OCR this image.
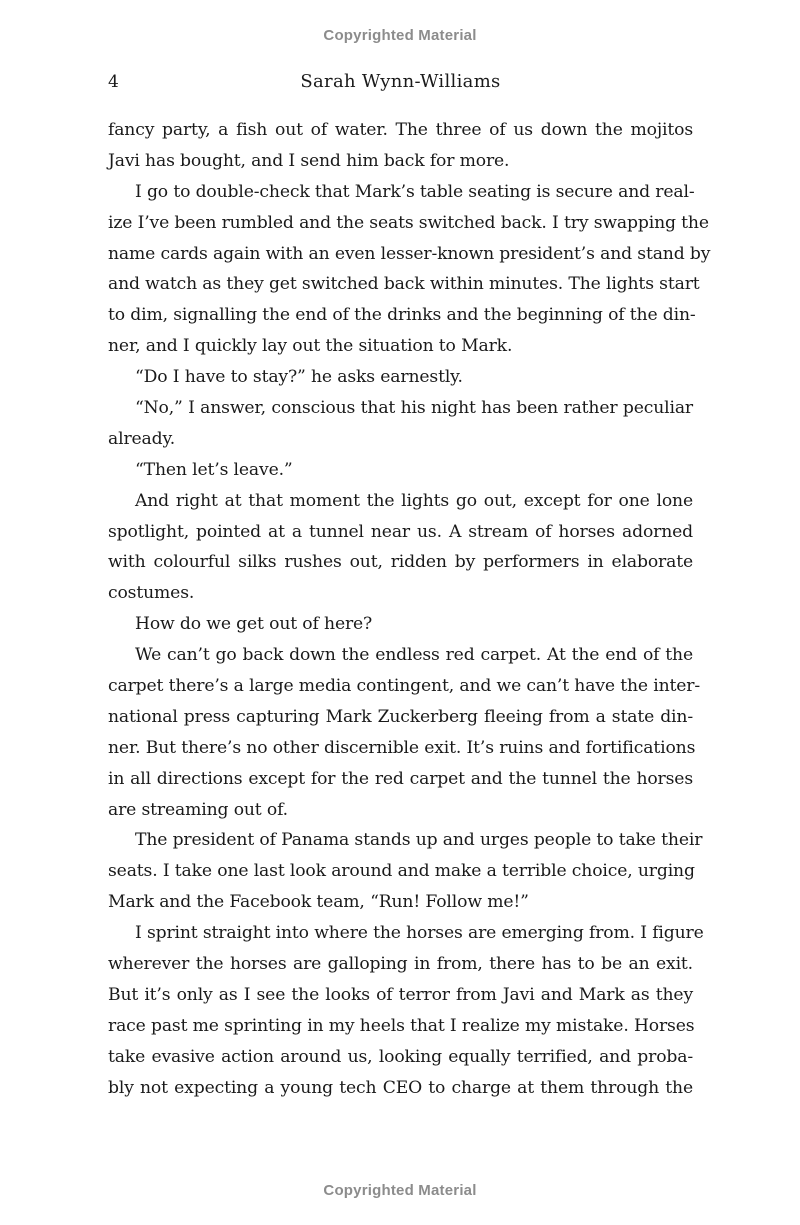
Copyrighted Material
4	Sarah Wynn-Williams
fancy party, a fish out of water. The three of us down the mojitos
Javi has bought, and I send him back for more.
I go to double-check that Mark’s table seating is secure and real-
ize I’ve been rumbled and the seats switched back. I try swapping the
name cards again with an even lesser-known president’s and stand by
and watch as they get switched back within minutes. The lights start
to dim, signalling the end of the drinks and the beginning of the din-
ner, and I quickly lay out the situation to Mark.
“Do I have to stay?” he asks earnestly.
“No,” I answer, conscious that his night has been rather peculiar
already.
“Then let’s leave.”
And right at that moment the lights go out, except for one lone
spotlight, pointed at a tunnel near us. A stream of horses adorned
with colourful silks rushes out, ridden by performers in elaborate
costumes.
How do we get out of here?
We can’t go back down the endless red carpet. At the end of the
carpet there’s a large media contingent, and we can’t have the inter-
national press capturing Mark Zuckerberg fleeing from a state din-
ner. But there’s no other discernible exit. It’s ruins and fortifications
in all directions except for the red carpet and the tunnel the horses
are streaming out of.
The president of Panama stands up and urges people to take their
seats. I take one last look around and make a terrible choice, urging
Mark and the Facebook team, “Run! Follow me!”
I sprint straight into where the horses are emerging from. I figure
wherever the horses are galloping in from, there has to be an exit.
But it’s only as I see the looks of terror from Javi and Mark as they
race past me sprinting in my heels that I realize my mistake. Horses
take evasive action around us, looking equally terrified, and proba-
bly not expecting a young tech CEO to charge at them through the
Copyrighted Material
